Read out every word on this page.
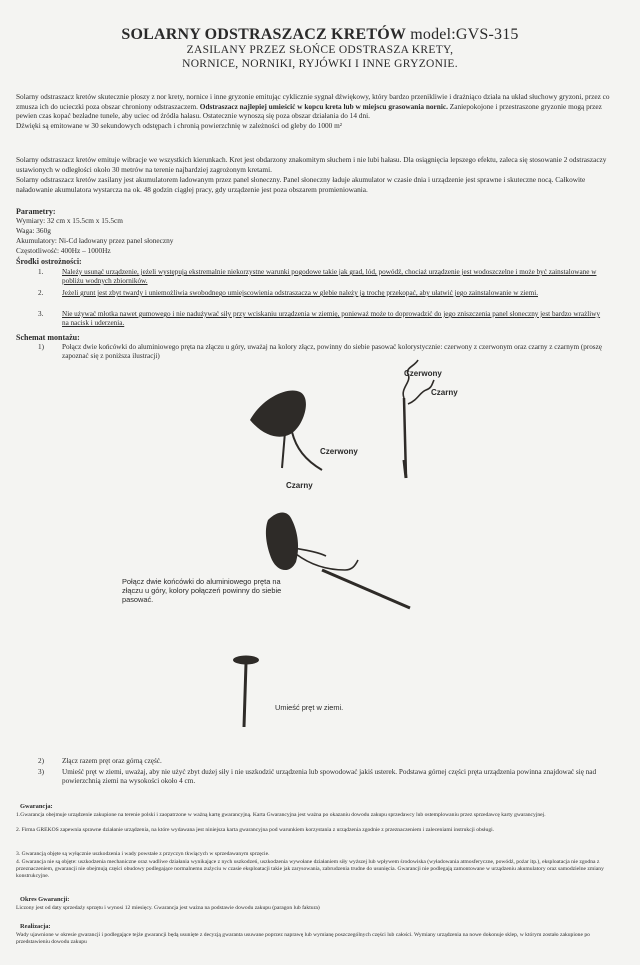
SOLARNY ODSTRASZACZ KRETÓW model:GVS-315
ZASILANY PRZEZ SŁOŃCE ODSTRASZA KRETY,
NORNICE, NORNIKI, RYJÓWKI I INNE GRYZONIE.
Solarny odstraszacz kretów skutecznie płoszy z nor krety, nornice i inne gryzonie emitując cyklicznie sygnał dźwiękowy, który bardzo przenikliwie i drażniąco działa na układ słuchowy gryzoni, przez co zmusza ich do ucieczki poza obszar chroniony odstraszaczem. Odstraszacz najlepiej umieścić w kopcu kreta lub w miejscu grasowania nornic. Zaniepokojone i przestraszone gryzonie mogą przez pewien czas kopać bezładne tunele, aby uciec od źródła hałasu. Ostatecznie wynoszą się poza obszar działania do 14 dni.
Dźwięki są emitowane w 30 sekundowych odstępach i chronią powierzchnię w zależności od gleby do 1000 m²
Solarny odstraszacz kretów emituje wibracje we wszystkich kierunkach. Kret jest obdarzony znakomitym słuchem i nie lubi hałasu. Dla osiągnięcia lepszego efektu, zaleca się stosowanie 2 odstraszaczy ustawionych w odległości około 30 metrów na terenie najbardziej zagrożonym kretami.
Solarny odstraszacz kretów zasilany jest akumulatorem ładowanym przez panel słoneczny. Panel słoneczny ładuje akumulator w czasie dnia i urządzenie jest sprawne i skuteczne nocą. Całkowite naładowanie akumulatora wystarcza na ok. 48 godzin ciągłej pracy, gdy urządzenie jest poza obszarem promieniowania.
Parametry:
Wymiary: 32 cm x 15.5cm x 15.5cm
Waga: 360g
Akumulatory: Ni-Cd ładowany przez panel słoneczny
Częstotliwość: 400Hz – 1000Hz
Środki ostrożności:
1.	Należy usunąć urządzenie, jeżeli występują ekstremalnie niekorzystne warunki pogodowe takie jak grad, lód, powódź, chociaż urządzenie jest wodoszczelne i może być zainstalowane w pobliżu wodnych zbiorników.
2.	Jeżeli grunt jest zbyt twardy i uniemożliwia swobodnego umiejscowienia odstraszacza w glebie należy ją trochę przekopać, aby ułatwić jego zainstalowanie w ziemi.
3.	Nie używać młotka nawet gumowego i nie nadużywać siły przy wciskaniu urządzenia w ziemię, ponieważ może to doprowadzić do jego zniszczenia panel słoneczny jest bardzo wrażliwy na nacisk i uderzenia.
Schemat montażu:
1)	Połącz dwie końcówki do aluminiowego pręta na złączu u góry, uważaj na kolory złącz, powinny do siebie pasować kolorystycznie: czerwony z czerwonym oraz czarny z czarnym (proszę zapoznać się z poniższa ilustracji)
Czerwony
Czarny
Czerwony
Czarny
Połącz dwie końcówki do aluminiowego pręta na złączu u góry, kolory połączeń powinny do siebie pasować.
Umieść pręt w ziemi.
2)	Złącz razem pręt oraz górną część.
3)	Umieść pręt w ziemi, uważaj, aby nie użyć zbyt dużej siły i nie uszkodzić urządzenia lub spowodować jakiś usterek. Podstawa górnej części pręta urządzenia powinna znajdować się nad powierzchnią ziemi na wysokości około 4 cm.
Gwarancja:
1.Gwarancja obejmuje urządzenie zakupione na terenie polski i zaopatrzone w ważną kartę gwarancyjną. Karta Gwarancyjna jest ważna po okazaniu dowodu zakupu sprzedawcy lub ostemplowaniu przez sprzedawcę karty gwarancyjnej.
2. Firma GREKOS zapewnia sprawne działanie urządzenia, na które wydawana jest niniejsza karta gwarancyjna pod warunkiem korzystania z urządzenia zgodnie z przeznaczeniem i zaleceniami instrukcji obsługi.
3. Gwarancją objęte są wyłącznie uszkodzenia i wady powstałe z przyczyn tkwiących w sprzedawanym sprzęcie.
4. Gwarancja nie są objęte: uszkodzenia mechaniczne oraz wadliwe działania wynikające z nych uszkodzeń, uszkodzenia wywołane działaniem siły wyższej lub wpływem środowiska (wyładowania atmosferyczne, powódź, pożar itp.), eksploatacja nie zgodna z przeznaczeniem, gwarancji nie obejmują części obudowy podlegające normalnemu zużyciu w czasie eksploatacji takie jak zarysowania, zabrudzenia trudne do usunięcia. Gwarancji nie podlegają zamontowane w urządzeniu akumulatory oraz samodzielne zmiany konstrukcyjne.
Okres Gwarancji:
Liczony jest od daty sprzedaży sprzętu i wynosi 12 miesięcy. Gwarancja jest ważna na podstawie dowodu zakupu (paragon lub faktura)
Realizacja:
Wady ujawnione w okresie gwarancji i podlegające tejże gwarancji będą usunięte z decyzją gwaranta usuwane poprzez naprawę lub wymianę poszczególnych części lub całości. Wymiany urządzenia na nowe dokonuje sklep, w którym zostało zakupione po przedstawieniu dowodu zakupu
